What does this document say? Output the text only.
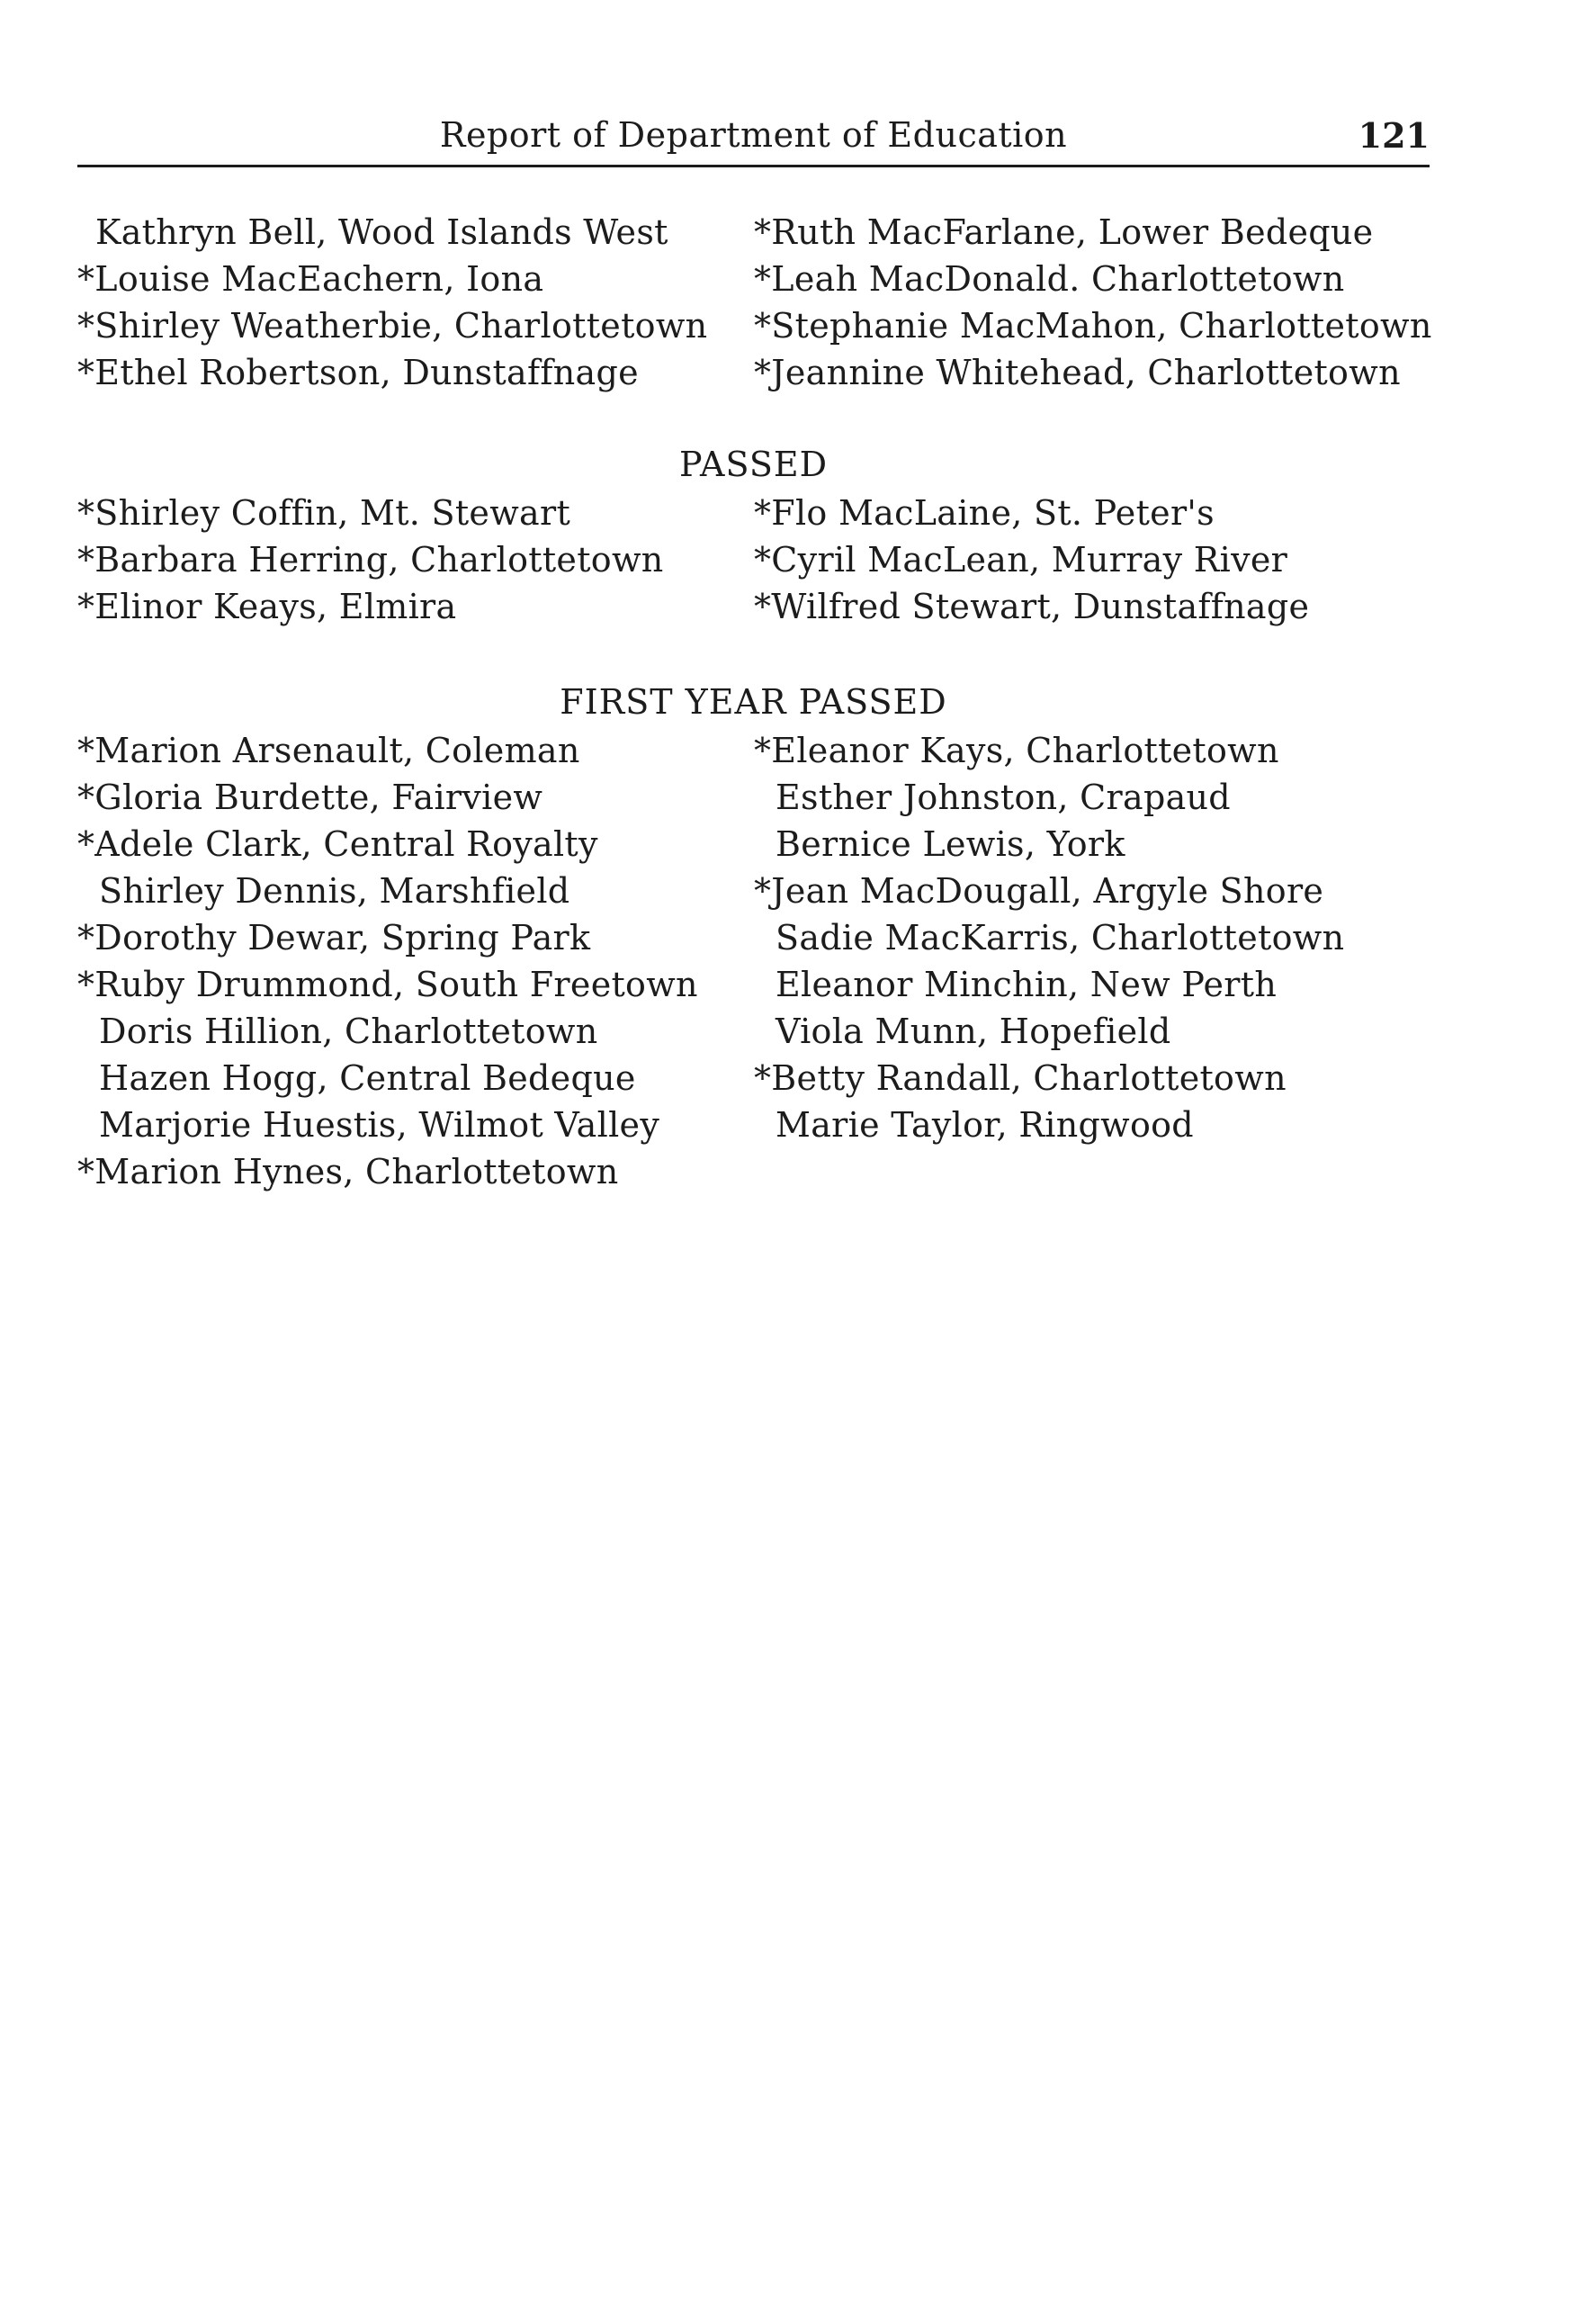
Report of Department of Education	121
Kathryn Bell, Wood Islands West
*Louise MacEachern, Iona
*Shirley Weatherbie, Charlottetown
*Ethel Robertson, Dunstaffnage
*Ruth MacFarlane, Lower Bedeque
*Leah MacDonald. Charlottetown
*Stephanie MacMahon, Charlottetown
*Jeannine Whitehead, Charlottetown
PASSED
*Shirley Coffin, Mt. Stewart
*Barbara Herring, Charlottetown
*Elinor Keays, Elmira
*Flo MacLaine, St. Peter's
*Cyril MacLean, Murray River
*Wilfred Stewart, Dunstaffnage
FIRST YEAR PASSED
*Marion Arsenault, Coleman
*Gloria Burdette, Fairview
*Adele Clark, Central Royalty
Shirley Dennis, Marshfield
*Dorothy Dewar, Spring Park
*Ruby Drummond, South Freetown
Doris Hillion, Charlottetown
Hazen Hogg, Central Bedeque
Marjorie Huestis, Wilmot Valley
*Marion Hynes, Charlottetown
*Eleanor Kays, Charlottetown
Esther Johnston, Crapaud
Bernice Lewis, York
*Jean MacDougall, Argyle Shore
Sadie MacKarris, Charlottetown
Eleanor Minchin, New Perth
Viola Munn, Hopefield
*Betty Randall, Charlottetown
Marie Taylor, Ringwood
